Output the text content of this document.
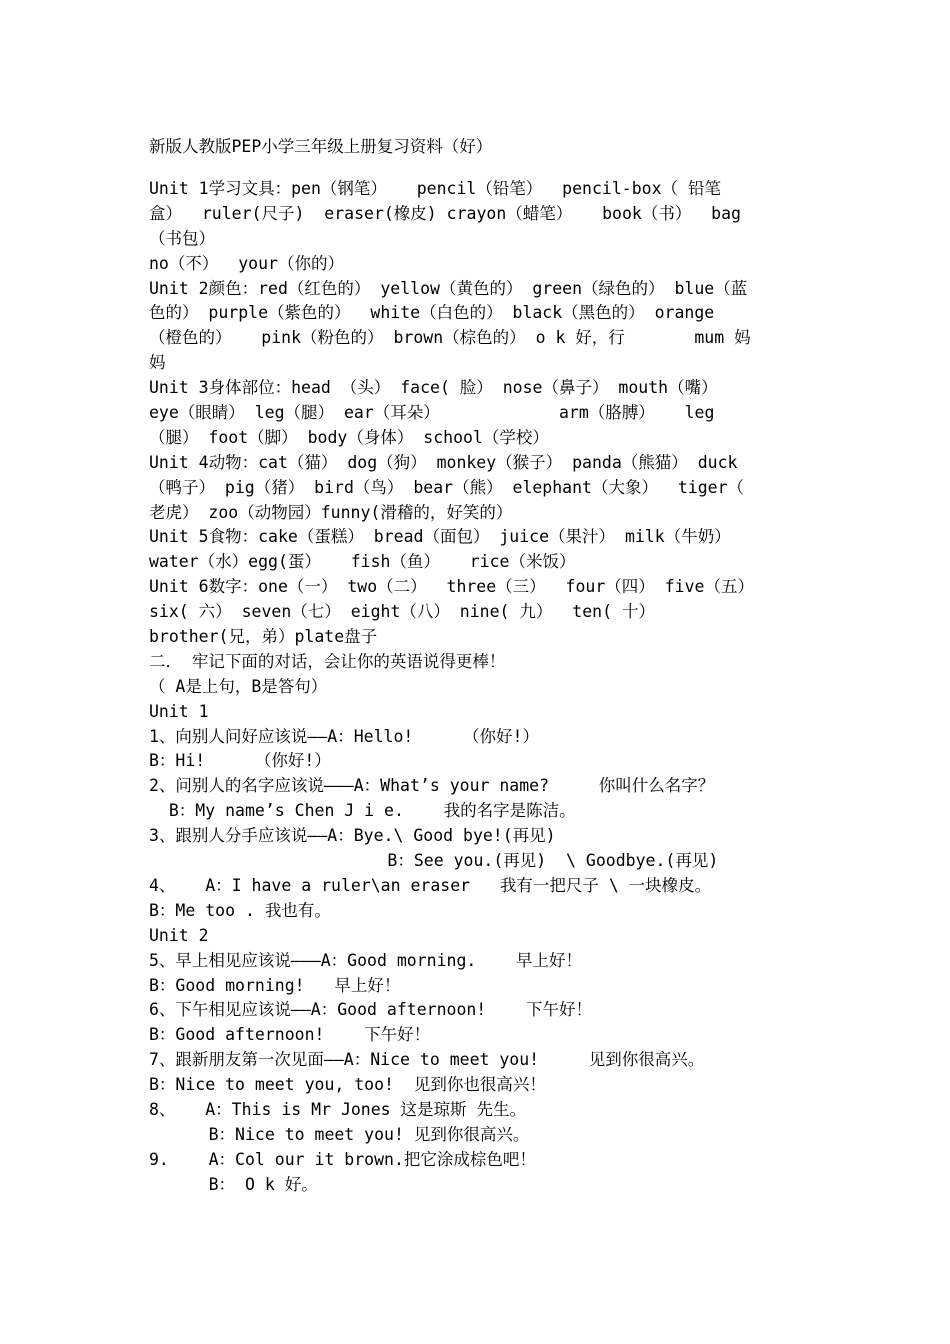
新版人教版PEP小学三年级上册复习资料（好）
Unit 1学习文具：pen（钢笔）   pencil（铅笔）  pencil-box（ 铅笔
盒）  ruler(尺子)  eraser(橡皮) crayon（蜡笔）   book（书）  bag
（书包）
no（不）  your（你的）
Unit 2颜色：red（红色的） yellow（黄色的） green（绿色的） blue（蓝
色的） purple（紫色的）  white（白色的） black（黑色的） orange
（橙色的）   pink（粉色的） brown（棕色的） o k 好，行       mum 妈
妈
Unit 3身体部位：head （头） face( 脸） nose（鼻子） mouth（嘴）
eye（眼睛） leg（腿） ear（耳朵）            arm（胳膊）   leg
（腿） foot（脚） body（身体） school（学校）
Unit 4动物：cat（猫） dog（狗） monkey（猴子） panda（熊猫） duck
（鸭子） pig（猪） bird（鸟） bear（熊） elephant（大象）  tiger（
老虎） zoo（动物园）funny(滑稽的，好笑的）
Unit 5食物：cake（蛋糕） bread（面包） juice（果汁） milk（牛奶）
water（水）egg(蛋）   fish（鱼）   rice（米饭）
Unit 6数字：one（一） two（二）  three（三）  four（四） five（五）
six( 六） seven（七） eight（八） nine( 九）  ten( 十）
brother(兄，弟）plate盘子
二． 牢记下面的对话，会让你的英语说得更棒！
（ A是上句，B是答句）
Unit 1
1、向别人问好应该说——A：Hello!     （你好!）
B：Hi!     （你好!）
2、问别人的名字应该说———A：What’s your name?     你叫什么名字？
B：My name’s Chen J i e.    我的名字是陈洁。
3、跟别人分手应该说——A：Bye.\ Good bye!(再见)
B：See you.(再见)  \ Goodbye.(再见)
4、   A：I have a ruler\an eraser   我有一把尺子 \ 一块橡皮。
B：Me too . 我也有。
Unit 2
5、早上相见应该说———A：Good morning.    早上好！
B：Good morning!   早上好！
6、下午相见应该说——A：Good afternoon!    下午好！
B：Good afternoon!    下午好！
7、跟新朋友第一次见面——A：Nice to meet you!     见到你很高兴。
B：Nice to meet you, too!  见到你也很高兴！
8、   A：This is Mr Jones 这是琼斯 先生。
B：Nice to meet you! 见到你很高兴。
9.    A：Col our it brown.把它涂成棕色吧！
B： O k 好。
